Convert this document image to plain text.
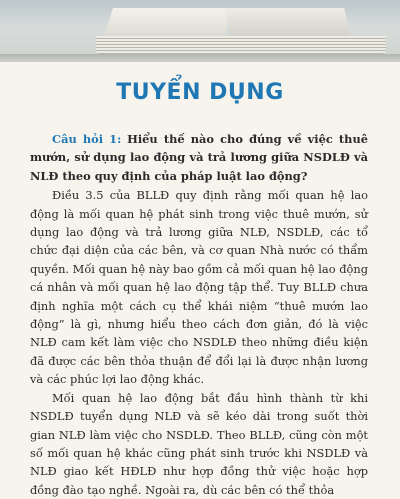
TUYỂN DỤNG

Câu hỏi 1: Hiểu thế nào cho đúng về việc thuê mướn, sử dụng lao động và trả lương giữa NSDLĐ và NLĐ theo quy định của pháp luật lao động?

Điều 3.5 của BLLĐ quy định rằng mối quan hệ lao động là mối quan hệ phát sinh trong việc thuê mướn, sử dụng lao động và trả lương giữa NLĐ, NSDLĐ, các tổ chức đại diện của các bên, và cơ quan Nhà nước có thẩm quyền. Mối quan hệ này bao gồm cả mối quan hệ lao động cá nhân và mối quan hệ lao động tập thể. Tuy BLLĐ chưa định nghĩa một cách cụ thể khái niệm “thuê mướn lao động” là gì, nhưng hiểu theo cách đơn giản, đó là việc NLĐ cam kết làm việc cho NSDLĐ theo những điều kiện đã được các bên thỏa thuận để đổi lại là được nhận lương và các phúc lợi lao động khác.

Mối quan hệ lao động bắt đầu hình thành từ khi NSDLĐ tuyển dụng NLĐ và sẽ kéo dài trong suốt thời gian NLĐ làm việc cho NSDLĐ. Theo BLLĐ, cũng còn một số mối quan hệ khác cũng phát sinh trước khi NSDLĐ và NLĐ giao kết HĐLĐ như hợp đồng thử việc hoặc hợp đồng đào tạo nghề. Ngoài ra, dù các bên có thể thỏa
